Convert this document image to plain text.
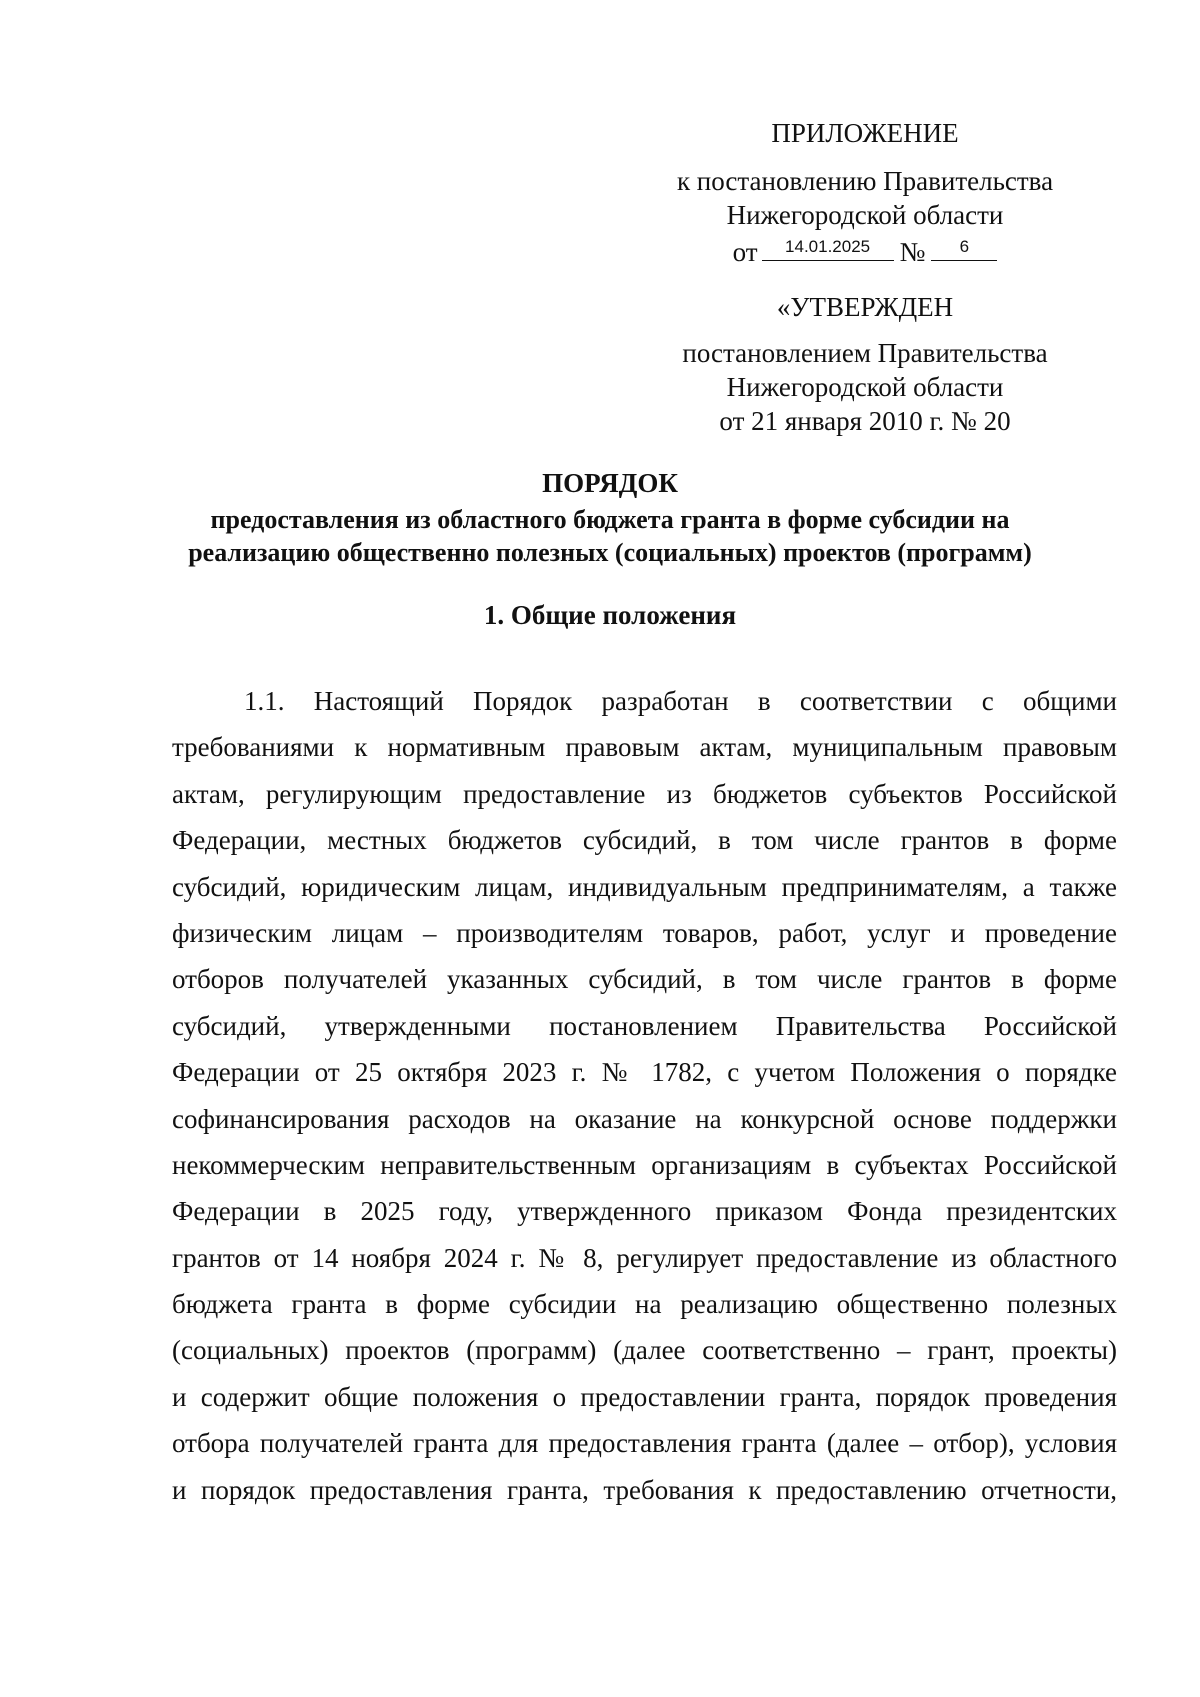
ПРИЛОЖЕНИЕ
к постановлению Правительства
Нижегородской области
от	14.01.2025	№	6
«УТВЕРЖДЕН
постановлением Правительства
Нижегородской области
от 21 января 2010 г. № 20
ПОРЯДОК
предоставления из областного бюджета гранта в форме субсидии на
реализацию общественно полезных (социальных) проектов (программ)
1. Общие положения
1.1. Настоящий Порядок разработан в соответствии с общими
требованиями к нормативным правовым актам, муниципальным правовым
актам, регулирующим предоставление из бюджетов субъектов Российской
Федерации, местных бюджетов субсидий, в том числе грантов в форме
субсидий, юридическим лицам, индивидуальным предпринимателям, а также
физическим лицам – производителям товаров, работ, услуг и проведение
отборов получателей указанных субсидий, в том числе грантов в форме
субсидий, утвержденными постановлением Правительства Российской
Федерации от 25 октября 2023 г. № 1782, с учетом Положения о порядке
софинансирования расходов на оказание на конкурсной основе поддержки
некоммерческим неправительственным организациям в субъектах Российской
Федерации в 2025 году, утвержденного приказом Фонда президентских
грантов от 14 ноября 2024 г. № 8, регулирует предоставление из областного
бюджета гранта в форме субсидии на реализацию общественно полезных
(социальных) проектов (программ) (далее соответственно – грант, проекты)
и содержит общие положения о предоставлении гранта, порядок проведения
отбора получателей гранта для предоставления гранта (далее – отбор), условия
и порядок предоставления гранта, требования к предоставлению отчетности,
